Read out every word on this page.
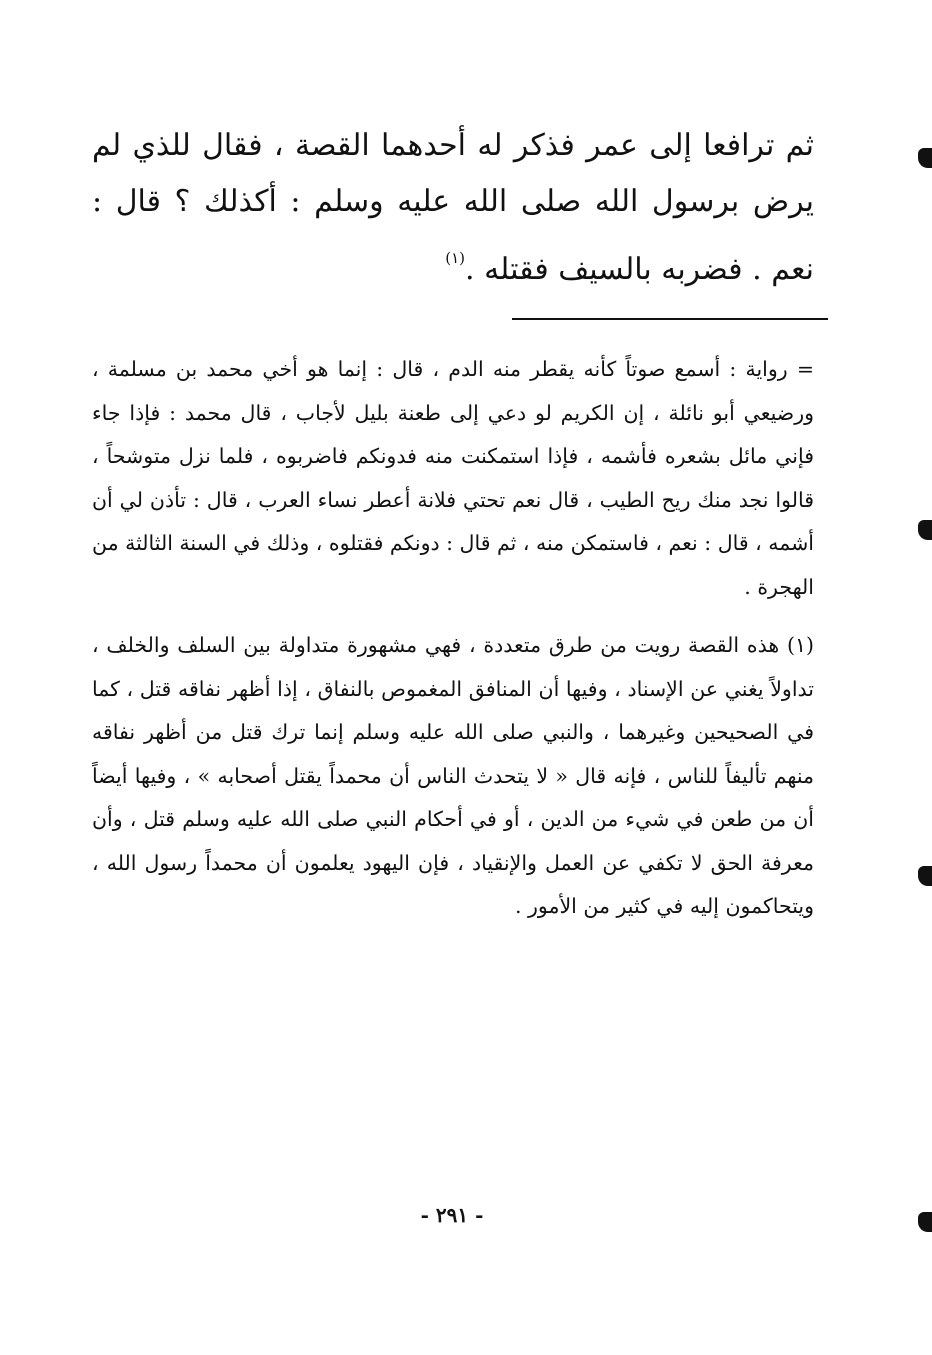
ثم ترافعا إلى عمر فذكر له أحدهما القصة ، فقال للذي لم يرض برسول الله صلى الله عليه وسلم : أكذلك ؟ قال : نعم . فضربه بالسيف فقتله .$^{(١)}$

= رواية : أسمع صوتاً كأنه يقطر منه الدم ، قال : إنما هو أخي محمد بن مسلمة ، ورضيعي أبو نائلة ، إن الكريم لو دعي إلى طعنة بليل لأجاب ، قال محمد : فإذا جاء فإني مائل بشعره فأشمه ، فإذا استمكنت منه فدونكم فاضربوه ، فلما نزل متوشحاً ، قالوا نجد منك ريح الطيب ، قال نعم تحتي فلانة أعطر نساء العرب ، قال : تأذن لي أن أشمه ، قال : نعم ، فاستمكن منه ، ثم قال : دونكم فقتلوه ، وذلك في السنة الثالثة من الهجرة .

(١) هذه القصة رويت من طرق متعددة ، فهي مشهورة متداولة بين السلف والخلف ، تداولاً يغني عن الإسناد ، وفيها أن المنافق المغموص بالنفاق ، إذا أظهر نفاقه قتل ، كما في الصحيحين وغيرهما ، والنبي صلى الله عليه وسلم إنما ترك قتل من أظهر نفاقه منهم تأليفاً للناس ، فإنه قال « لا يتحدث الناس أن محمداً يقتل أصحابه » ، وفيها أيضاً أن من طعن في شيء من الدين ، أو في أحكام النبي صلى الله عليه وسلم قتل ، وأن معرفة الحق لا تكفي عن العمل والإنقياد ، فإن اليهود يعلمون أن محمداً رسول الله ، ويتحاكمون إليه في كثير من الأمور .

- ٢٩١ -
